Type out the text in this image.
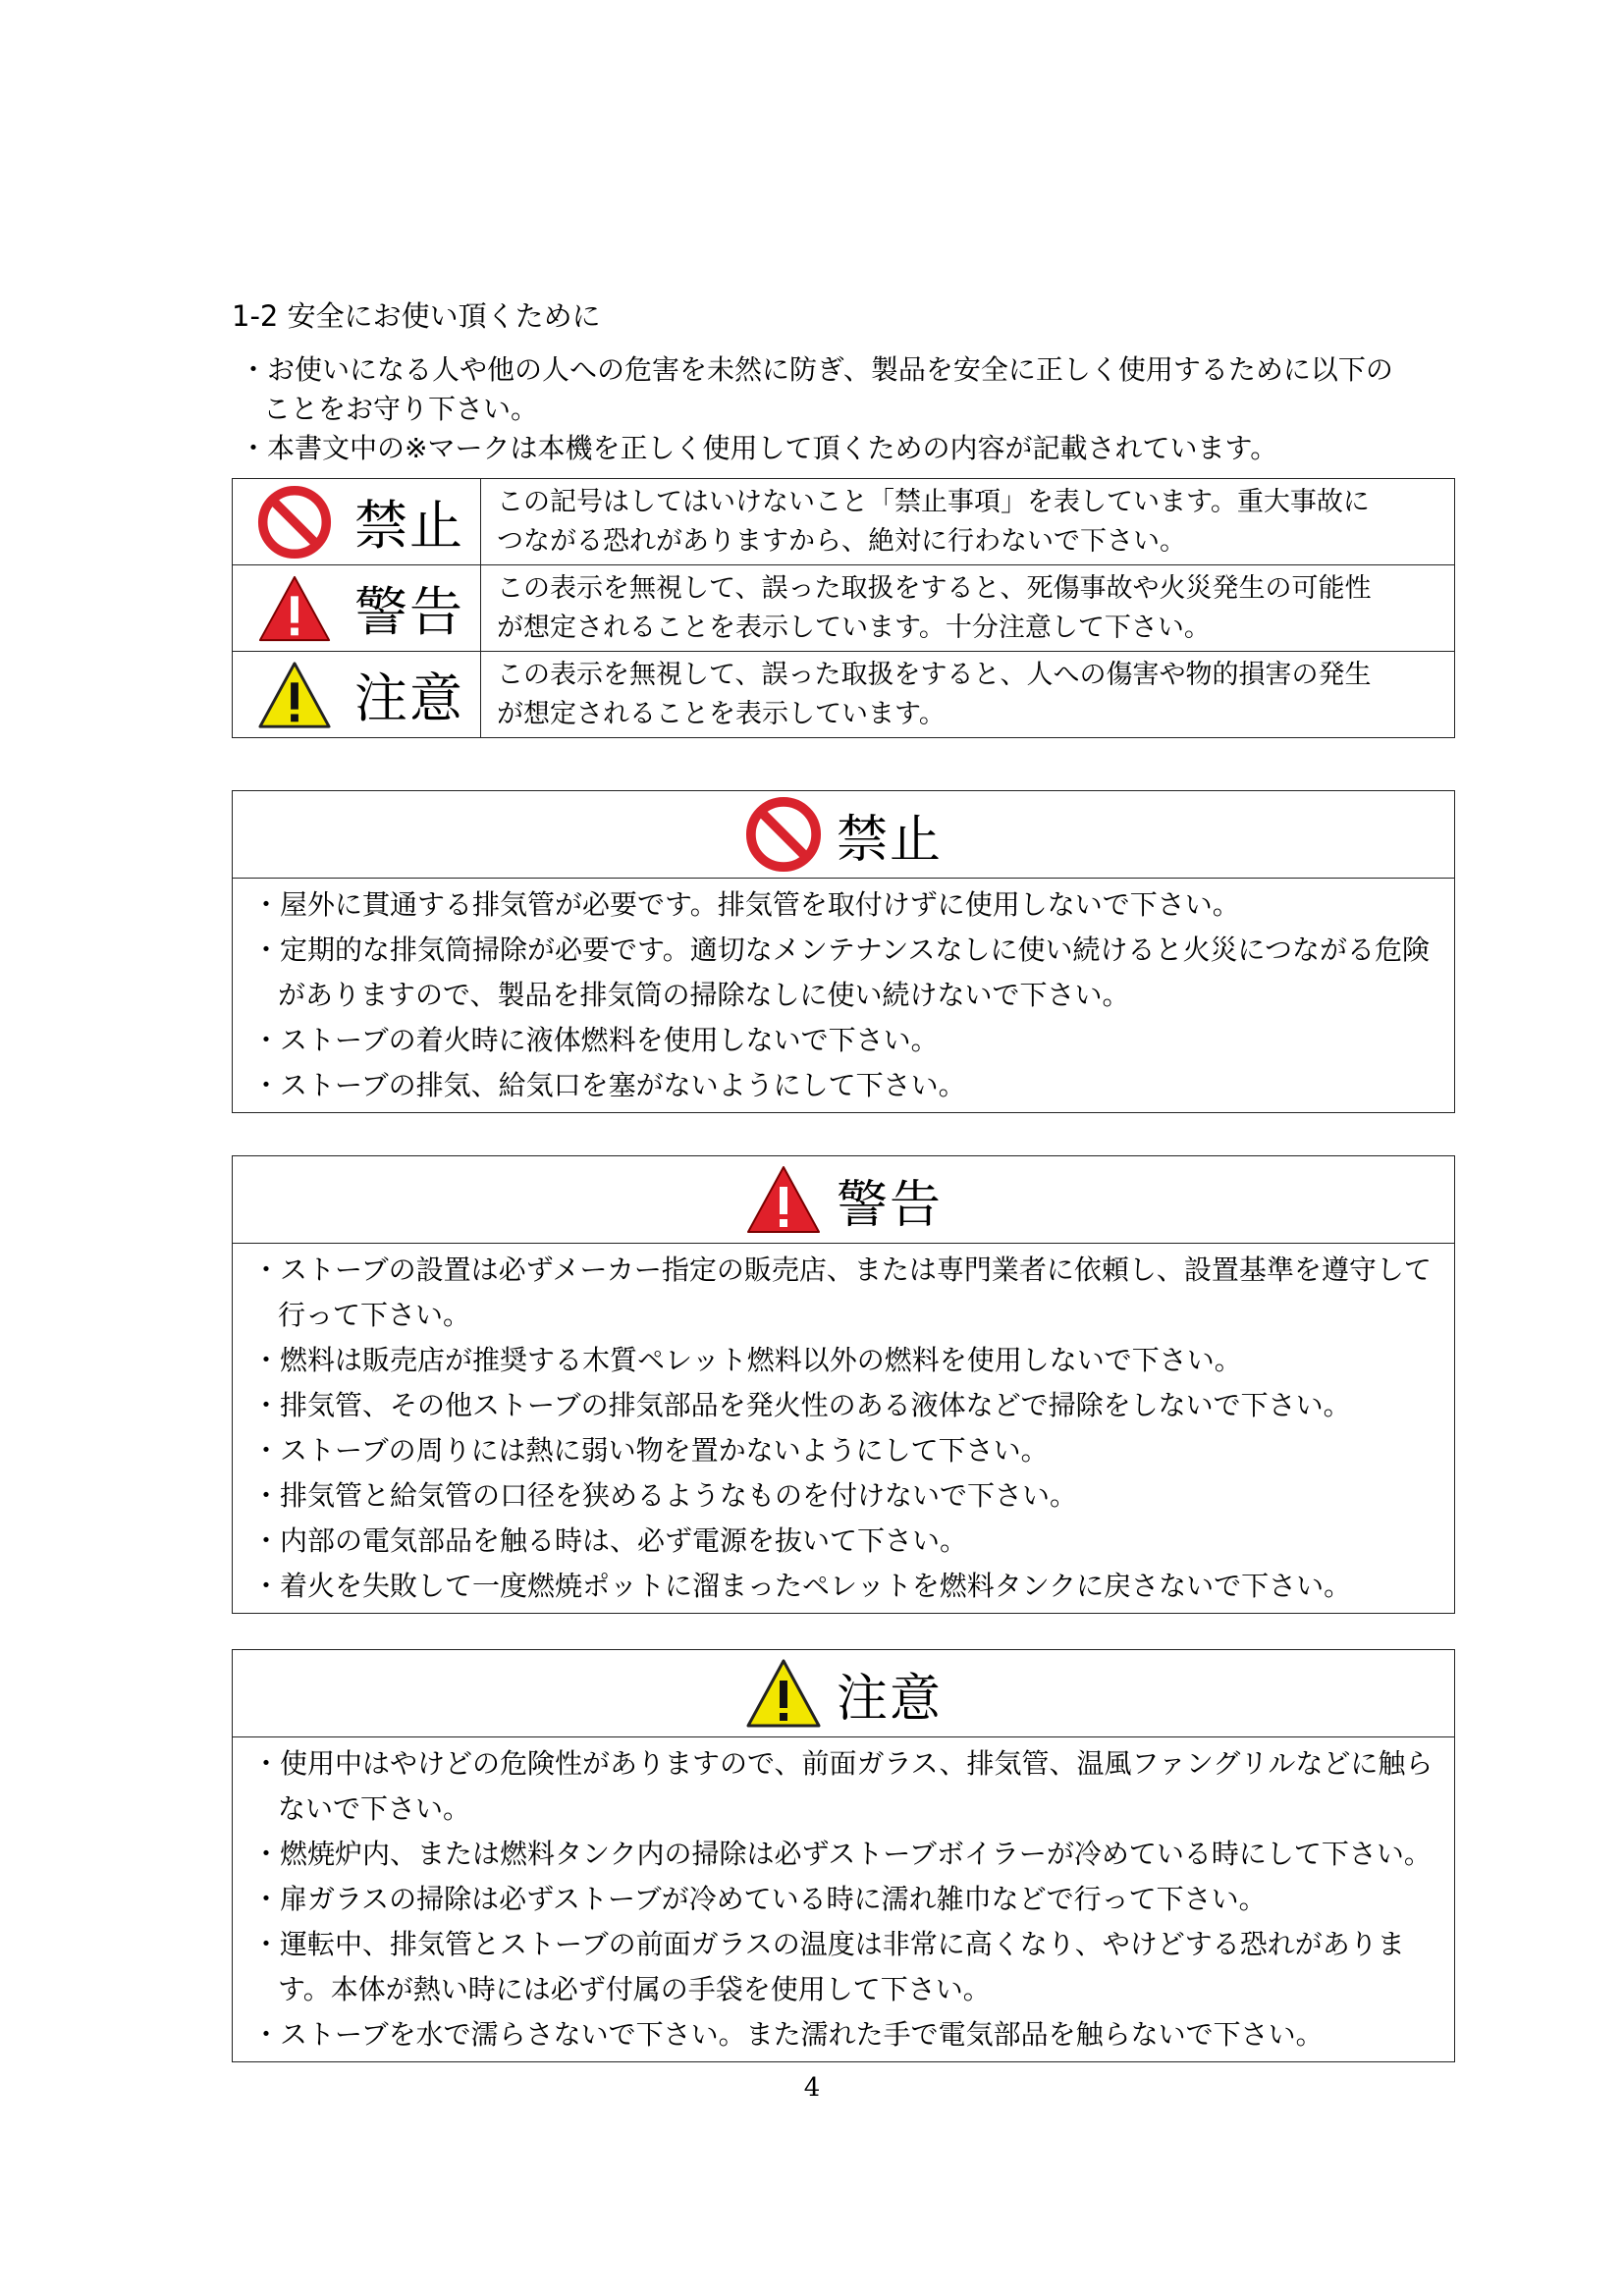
1-2 安全にお使い頂くために
・お使いになる人や他の人への危害を未然に防ぎ、製品を安全に正しく使用するために以下の
ことをお守り下さい。
・本書文中の※マークは本機を正しく使用して頂くための内容が記載されています。
禁止	この記号はしてはいけないこと「禁止事項」を表しています。重大事故に
つながる恐れがありますから、絶対に行わないで下さい。

警告	この表示を無視して、誤った取扱をすると、死傷事故や火災発生の可能性
が想定されることを表示しています。十分注意して下さい。

注意	この表示を無視して、誤った取扱をすると、人への傷害や物的損害の発生
が想定されることを表示しています。
禁止
・屋外に貫通する排気管が必要です。排気管を取付けずに使用しないで下さい。
・定期的な排気筒掃除が必要です。適切なメンテナンスなしに使い続けると火災につながる危険がありますので、製品を排気筒の掃除なしに使い続けないで下さい。
・ストーブの着火時に液体燃料を使用しないで下さい。
・ストーブの排気、給気口を塞がないようにして下さい。
警告
・ストーブの設置は必ずメーカー指定の販売店、または専門業者に依頼し、設置基準を遵守して行って下さい。
・燃料は販売店が推奨する木質ペレット燃料以外の燃料を使用しないで下さい。
・排気管、その他ストーブの排気部品を発火性のある液体などで掃除をしないで下さい。
・ストーブの周りには熱に弱い物を置かないようにして下さい。
・排気管と給気管の口径を狭めるようなものを付けないで下さい。
・内部の電気部品を触る時は、必ず電源を抜いて下さい。
・着火を失敗して一度燃焼ポットに溜まったペレットを燃料タンクに戻さないで下さい。
注意
・使用中はやけどの危険性がありますので、前面ガラス、排気管、温風ファングリルなどに触らないで下さい。
・燃焼炉内、または燃料タンク内の掃除は必ずストーブボイラーが冷めている時にして下さい。
・扉ガラスの掃除は必ずストーブが冷めている時に濡れ雑巾などで行って下さい。
・運転中、排気管とストーブの前面ガラスの温度は非常に高くなり、やけどする恐れがあります。本体が熱い時には必ず付属の手袋を使用して下さい。
・ストーブを水で濡らさないで下さい。また濡れた手で電気部品を触らないで下さい。
4
